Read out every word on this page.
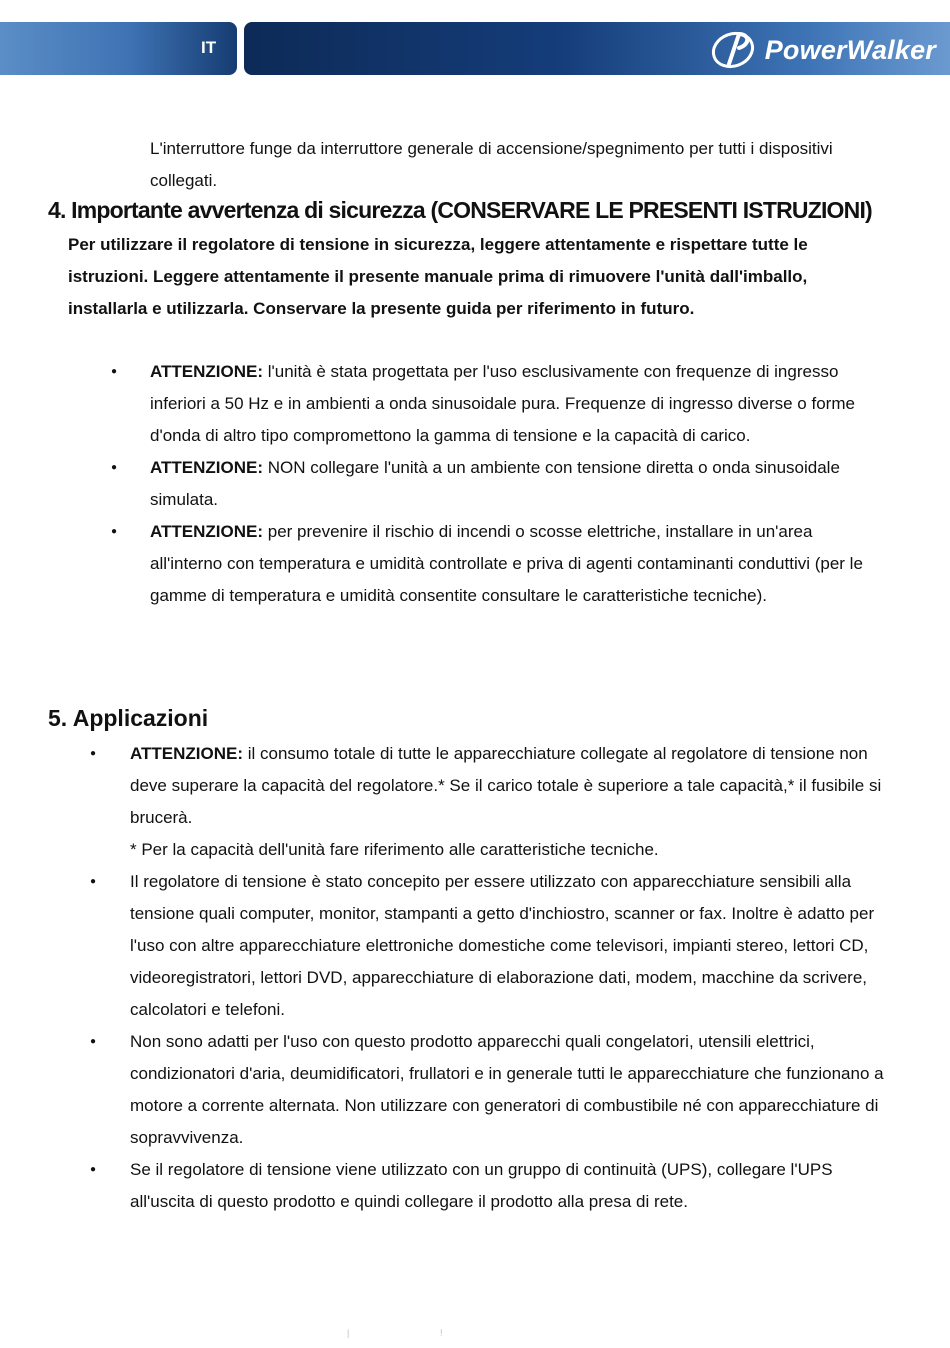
IT	PowerWalker

L'interruttore funge da interruttore generale di accensione/spegnimento per tutti i dispositivi collegati.

4. Importante avvertenza di sicurezza (CONSERVARE LE PRESENTI ISTRUZIONI)

Per utilizzare il regolatore di tensione in sicurezza, leggere attentamente e rispettare tutte le istruzioni. Leggere attentamente il presente manuale prima di rimuovere l'unità dall'imballo, installarla e utilizzarla. Conservare la presente guida per riferimento in futuro.

● ATTENZIONE: l'unità è stata progettata per l'uso esclusivamente con frequenze di ingresso inferiori a 50 Hz e in ambienti a onda sinusoidale pura. Frequenze di ingresso diverse o forme d'onda di altro tipo compromettono la gamma di tensione e la capacità di carico.
● ATTENZIONE: NON collegare l'unità a un ambiente con tensione diretta o onda sinusoidale simulata.
● ATTENZIONE: per prevenire il rischio di incendi o scosse elettriche, installare in un'area all'interno con temperatura e umidità controllate e priva di agenti contaminanti conduttivi (per le gamme di temperatura e umidità consentite consultare le caratteristiche tecniche).
5. Applicazioni
● ATTENZIONE: il consumo totale di tutte le apparecchiature collegate al regolatore di tensione non deve superare la capacità del regolatore.* Se il carico totale è superiore a tale capacità,* il fusibile si brucerà.
* Per la capacità dell'unità fare riferimento alle caratteristiche tecniche.
● Il regolatore di tensione è stato concepito per essere utilizzato con apparecchiature sensibili alla tensione quali computer, monitor, stampanti a getto d'inchiostro, scanner or fax. Inoltre è adatto per l'uso con altre apparecchiature elettroniche domestiche come televisori, impianti stereo, lettori CD, videoregistratori, lettori DVD, apparecchiature di elaborazione dati, modem, macchine da scrivere, calcolatori e telefoni.
● Non sono adatti per l'uso con questo prodotto apparecchi quali congelatori, utensili elettrici, condizionatori d'aria, deumidificatori, frullatori e in generale tutti le apparecchiature che funzionano a motore a corrente alternata. Non utilizzare con generatori di combustibile né con apparecchiature di sopravvivenza.
● Se il regolatore di tensione viene utilizzato con un gruppo di continuità (UPS), collegare l'UPS all'uscita di questo prodotto e quindi collegare il prodotto alla presa di rete.
|	!
